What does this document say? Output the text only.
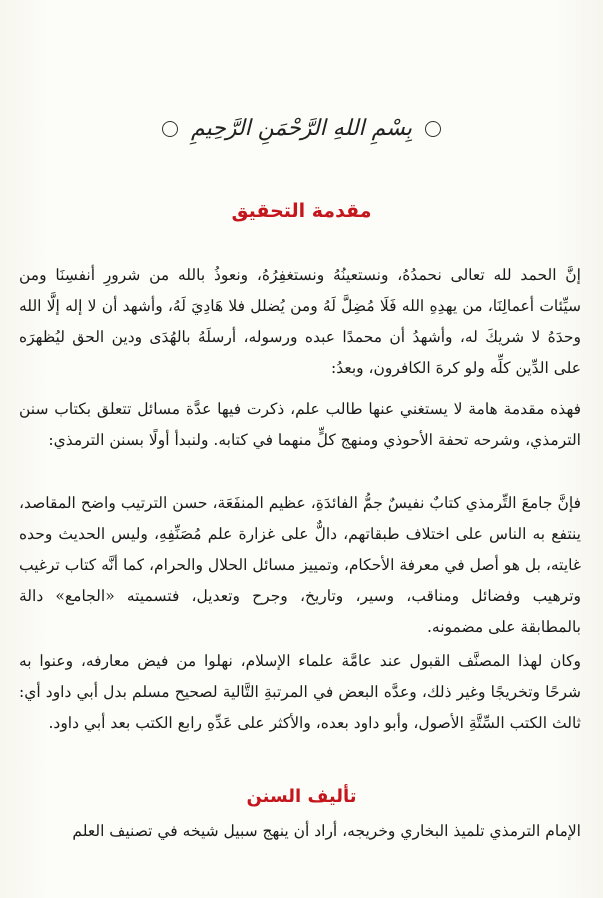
بِسْمِ اللهِ الرَّحْمَنِ الرَّحِيمِ
مقدمة التحقيق

إنَّ الحمد لله تعالى نحمدُهُ، ونستعينُهُ ونستغفِرُهُ، ونعوذُ بالله من شرورِ أنفسِنَا ومن سيِّئات أعمالِنَا، من يهدِهِ الله فَلَا مُضِلَّ لَهُ ومن يُضلل فلا هَادِيَ لَهُ، وأشهد أن لا إله إلَّا الله وحدَهُ لا شريكَ له، وأشهدُ أن محمدًا عبده ورسوله، أرسلَهُ بالهُدَى ودين الحق ليُظهرَه على الدِّين كلِّه ولو كرهَ الكافرون، وبعدُ:

فهذه مقدمة هامة لا يستغني عنها طالب علم، ذكرت فيها عدَّة مسائل تتعلق بكتاب سنن الترمذي، وشرحه تحفة الأحوذي ومنهج كلٍّ منهما في كتابه. ولنبدأ أولًا بسنن الترمذي:

فإنَّ جامعَ التِّرمذي كتابٌ نفيسٌ جمُّ الفائدَةِ، عظيم المنفَعَة، حسن الترتيب واضح المقاصد، ينتفع به الناس على اختلاف طبقاتهم، دالٌّ على غزارة علم مُصَنِّفِهِ، وليس الحديث وحده غايته، بل هو أصل في معرفة الأحكام، وتمييز مسائل الحلال والحرام، كما أنَّه كتاب ترغيب وترهيب وفضائل ومناقب، وسير، وتاريخ، وجرح وتعديل، فتسميته «الجامع» دالة بالمطابقة على مضمونه.

وكان لهذا المصنَّف القبول عند عامَّة علماء الإسلام، نهلوا من فيض معارفه، وعنوا به شرحًا وتخريجًا وغير ذلك، وعدَّه البعض في المرتبةِ التَّالية لصحيح مسلم بدل أبي داود أي: ثالث الكتب السِّتَّةِ الأصول، وأبو داود بعده، والأكثر على عَدِّهِ رابع الكتب بعد أبي داود.

تأليف السنن

الإمام الترمذي تلميذ البخاري وخريجه، أراد أن ينهج سبيل شيخه في تصنيف العلم
